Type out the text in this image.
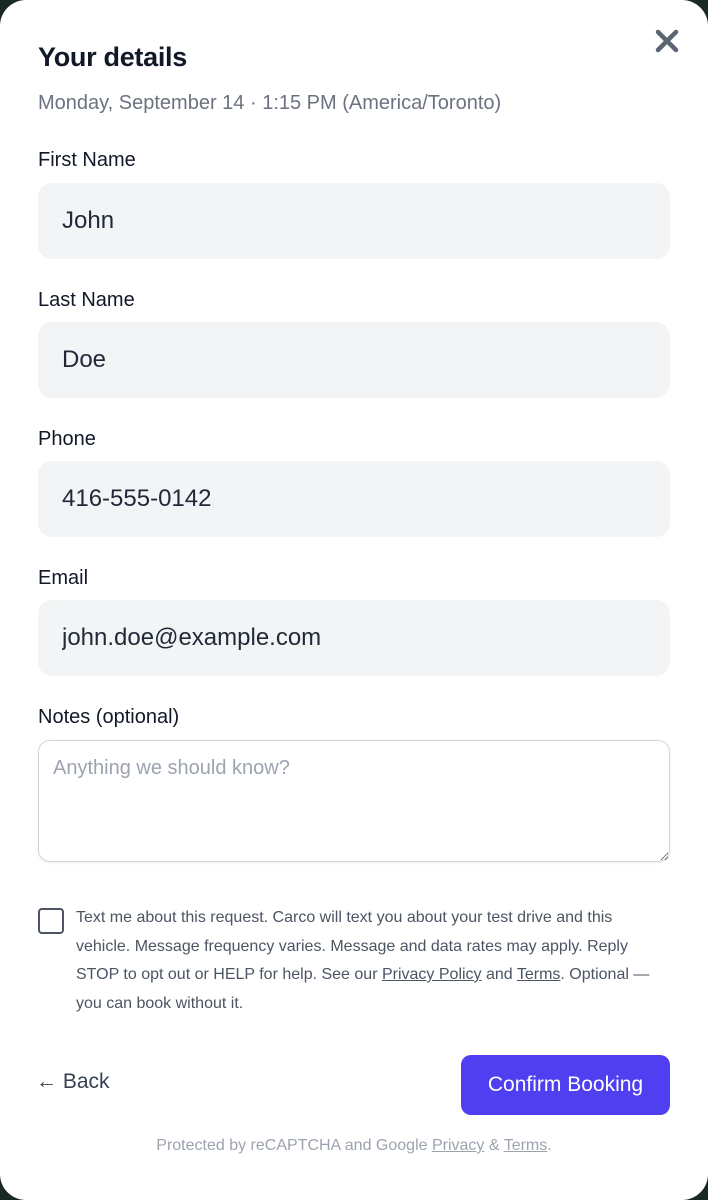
Your details
Monday, September 14 · 1:15 PM (America/Toronto)
First Name
John
Last Name
Doe
Phone
416-555-0142
Email
john.doe@example.com
Notes (optional)
Anything we should know?
Text me about this request. Carco will text you about your test drive and this vehicle. Message frequency varies. Message and data rates may apply. Reply STOP to opt out or HELP for help. See our Privacy Policy and Terms. Optional — you can book without it.
← Back	Confirm Booking
Protected by reCAPTCHA and Google Privacy & Terms.
